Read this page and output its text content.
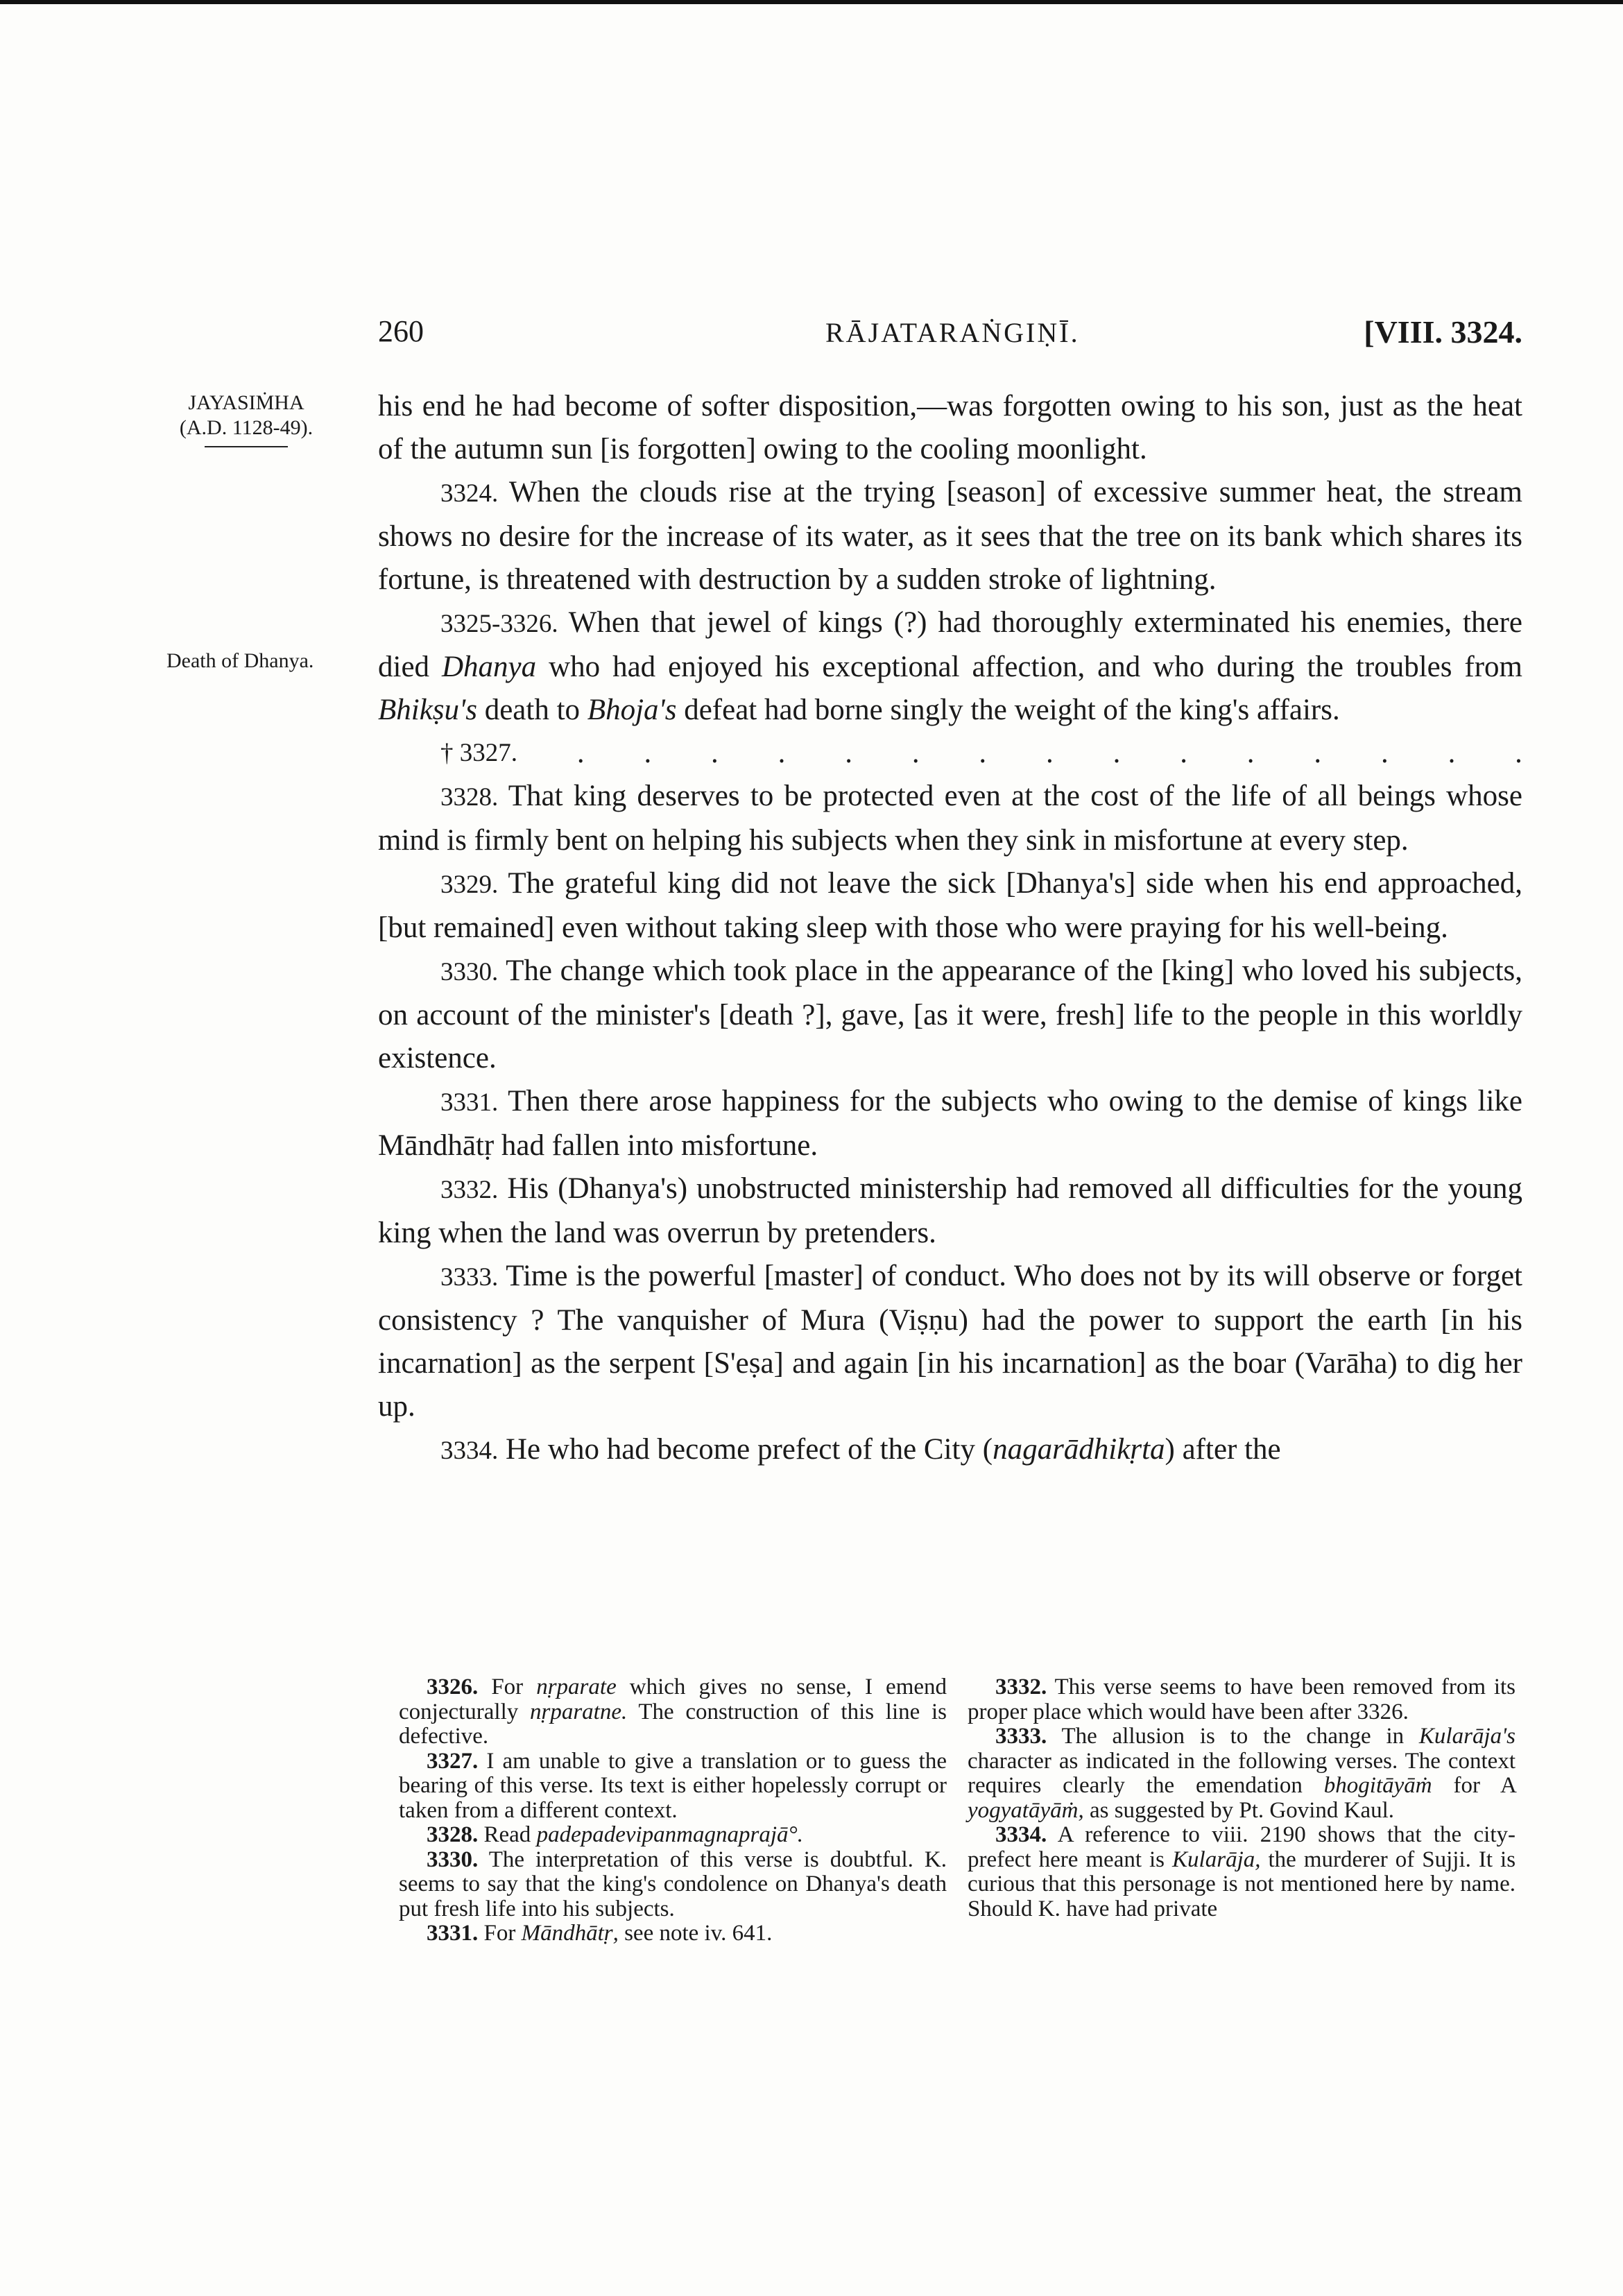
260	RĀJATARAṄGIṆĪ.	[VIII. 3324.
JAYASIṀHA
(A.D. 1128-49).
Death of Dhanya.

his end he had become of softer disposition,—was forgotten owing to his son, just as the heat of the autumn sun [is forgotten] owing to the cooling moonlight.

3324. When the clouds rise at the trying [season] of excessive summer heat, the stream shows no desire for the increase of its water, as it sees that the tree on its bank which shares its fortune, is threatened with destruction by a sudden stroke of lightning.

3325-3326. When that jewel of kings (?) had thoroughly exterminated his enemies, there died Dhanya who had enjoyed his exceptional affection, and who during the troubles from Bhikṣu's death to Bhoja's defeat had borne singly the weight of the king's affairs.

† 3327. . . . . . . . . . . . . . . .

3328. That king deserves to be protected even at the cost of the life of all beings whose mind is firmly bent on helping his subjects when they sink in misfortune at every step.

3329. The grateful king did not leave the sick [Dhanya's] side when his end approached, [but remained] even without taking sleep with those who were praying for his well-being.

3330. The change which took place in the appearance of the [king] who loved his subjects, on account of the minister's [death ?], gave, [as it were, fresh] life to the people in this worldly existence.

3331. Then there arose happiness for the subjects who owing to the demise of kings like Māndhātṛ had fallen into misfortune.

3332. His (Dhanya's) unobstructed ministership had removed all difficulties for the young king when the land was overrun by pretenders.

3333. Time is the powerful [master] of conduct. Who does not by its will observe or forget consistency ? The vanquisher of Mura (Viṣṇu) had the power to support the earth [in his incarnation] as the serpent [S'eṣa] and again [in his incarnation] as the boar (Varāha) to dig her up.

3334. He who had become prefect of the City (nagarādhikṛta) after the

3326. For nṛparate which gives no sense, I emend conjecturally nṛparatne. The construction of this line is defective.

3327. I am unable to give a translation or to guess the bearing of this verse. Its text is either hopelessly corrupt or taken from a different context.

3328. Read padepadevipanmagnaprajā°.

3330. The interpretation of this verse is doubtful. K. seems to say that the king's condolence on Dhanya's death put fresh life into his subjects.

3331. For Māndhātṛ, see note iv. 641.

3332. This verse seems to have been removed from its proper place which would have been after 3326.

3333. The allusion is to the change in Kularāja's character as indicated in the following verses. The context requires clearly the emendation bhogitāyāṁ for A yogyatāyāṁ, as suggested by Pt. Govind Kaul.

3334. A reference to viii. 2190 shows that the city-prefect here meant is Kularāja, the murderer of Sujji. It is curious that this personage is not mentioned here by name. Should K. have had private
